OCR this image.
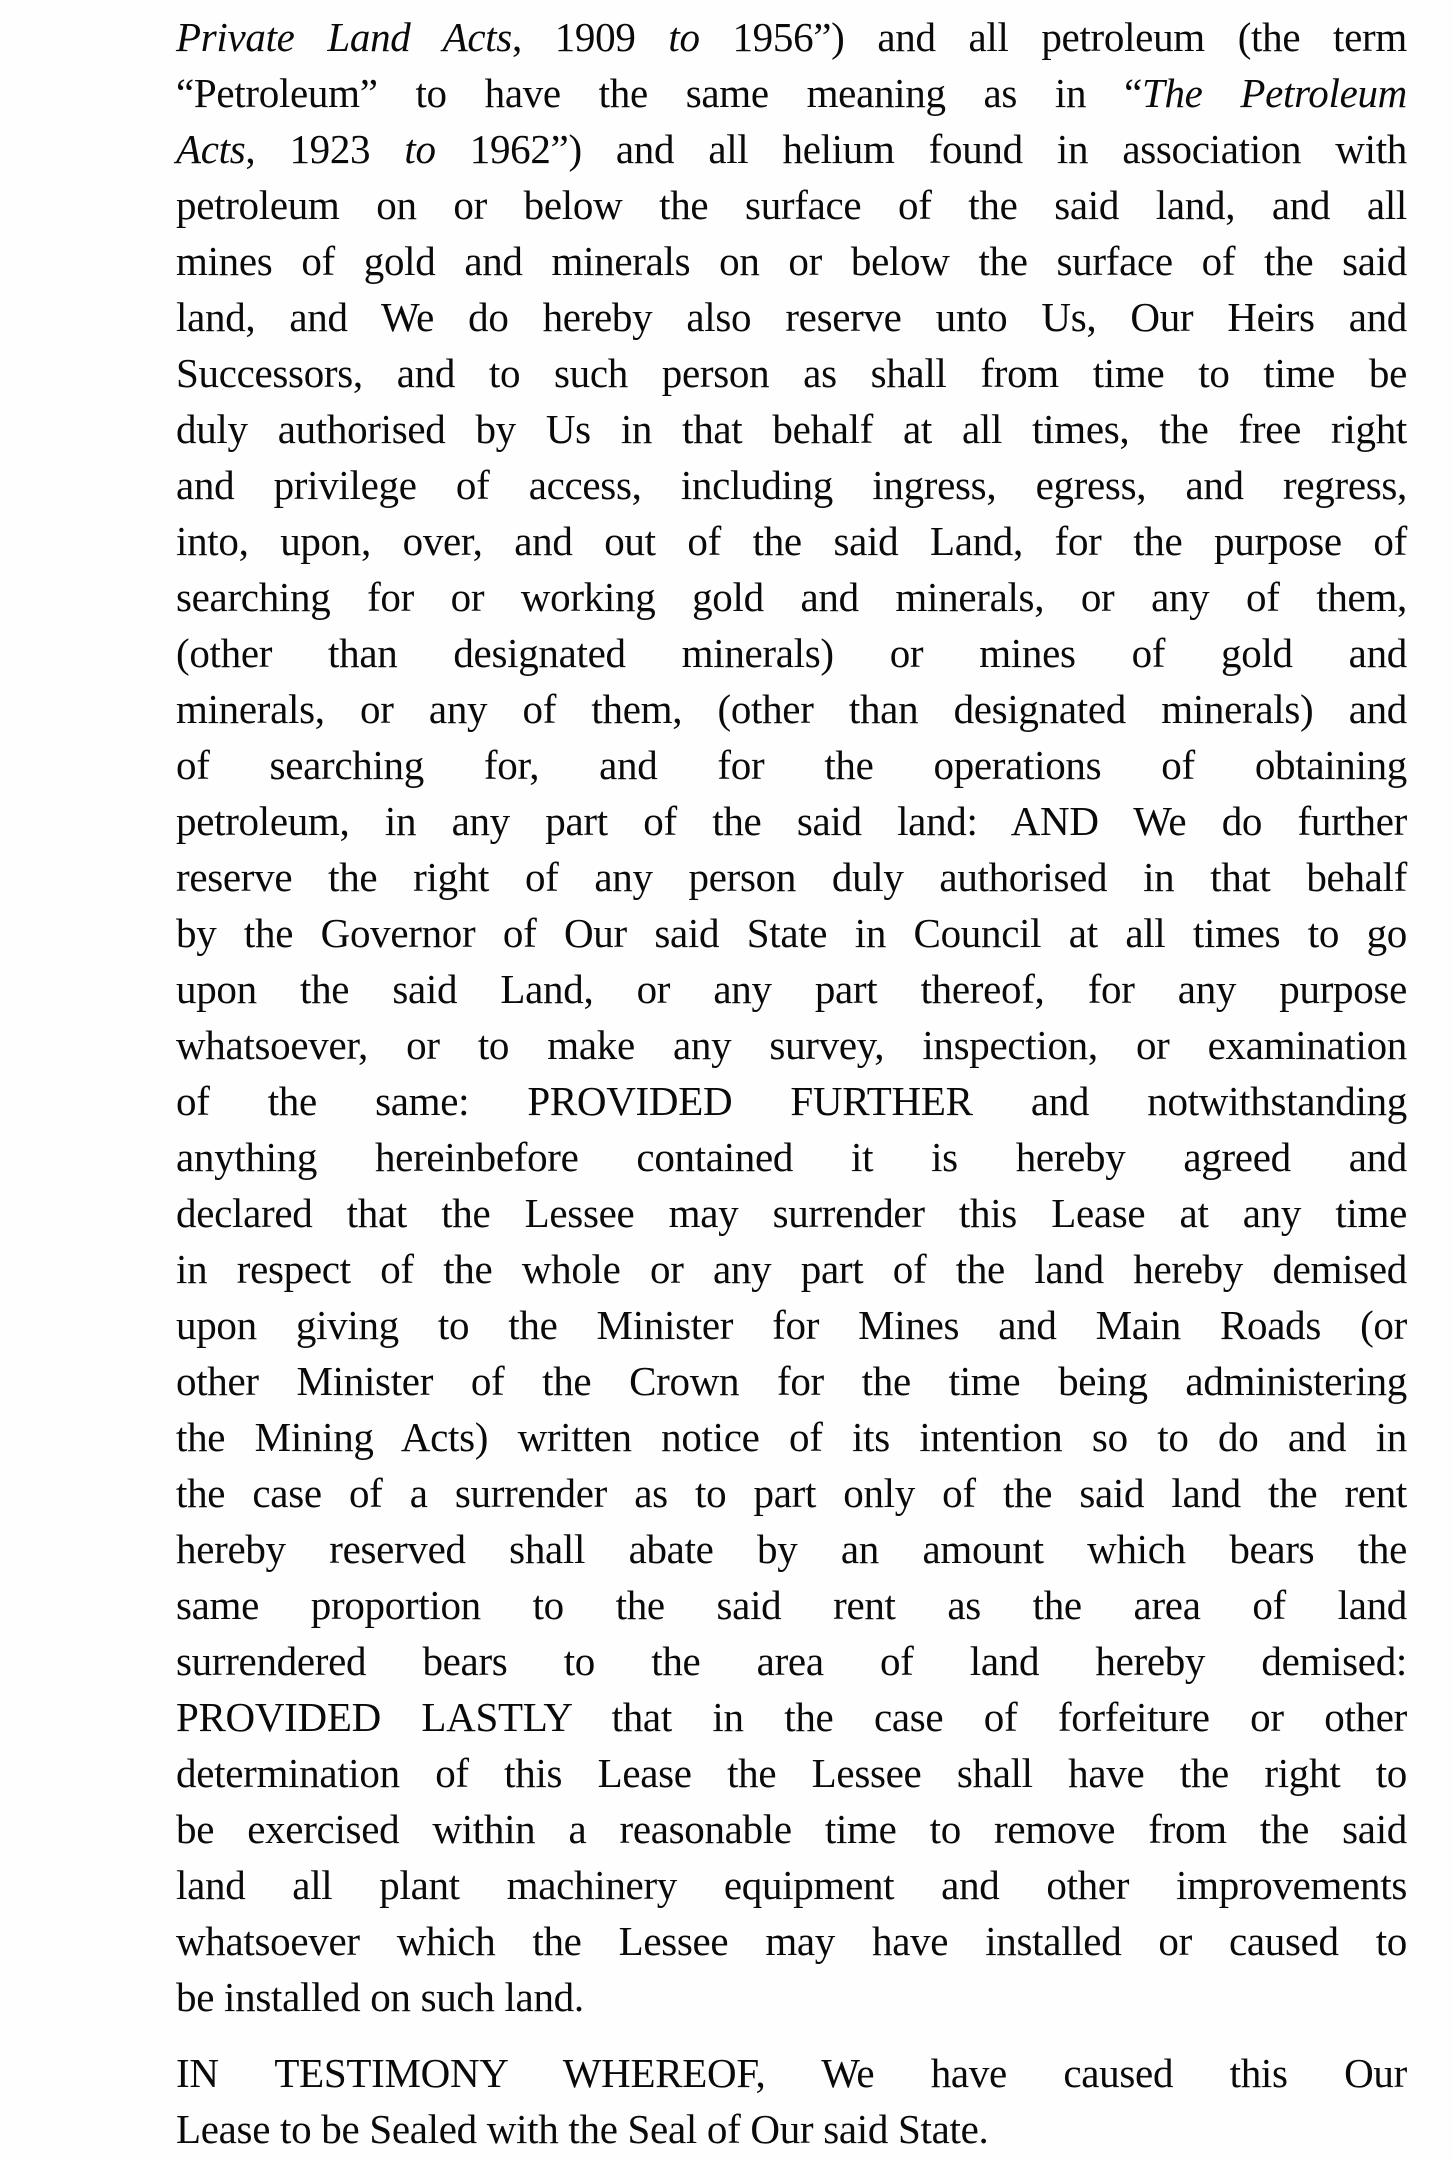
Private Land Acts, 1909 to 1956”) and all petroleum (the term
“Petroleum” to have the same meaning as in “The Petroleum
Acts, 1923 to 1962”) and all helium found in association with
petroleum on or below the surface of the said land, and all
mines of gold and minerals on or below the surface of the said
land, and We do hereby also reserve unto Us, Our Heirs and
Successors, and to such person as shall from time to time be
duly authorised by Us in that behalf at all times, the free right
and privilege of access, including ingress, egress, and regress,
into, upon, over, and out of the said Land, for the purpose of
searching for or working gold and minerals, or any of them,
(other than designated minerals) or mines of gold and
minerals, or any of them, (other than designated minerals) and
of searching for, and for the operations of obtaining
petroleum, in any part of the said land: AND We do further
reserve the right of any person duly authorised in that behalf
by the Governor of Our said State in Council at all times to go
upon the said Land, or any part thereof, for any purpose
whatsoever, or to make any survey, inspection, or examination
of the same: PROVIDED FURTHER and notwithstanding
anything hereinbefore contained it is hereby agreed and
declared that the Lessee may surrender this Lease at any time
in respect of the whole or any part of the land hereby demised
upon giving to the Minister for Mines and Main Roads (or
other Minister of the Crown for the time being administering
the Mining Acts) written notice of its intention so to do and in
the case of a surrender as to part only of the said land the rent
hereby reserved shall abate by an amount which bears the
same proportion to the said rent as the area of land
surrendered bears to the area of land hereby demised:
PROVIDED LASTLY that in the case of forfeiture or other
determination of this Lease the Lessee shall have the right to
be exercised within a reasonable time to remove from the said
land all plant machinery equipment and other improvements
whatsoever which the Lessee may have installed or caused to
be installed on such land.
IN TESTIMONY WHEREOF, We have caused this Our
Lease to be Sealed with the Seal of Our said State.
